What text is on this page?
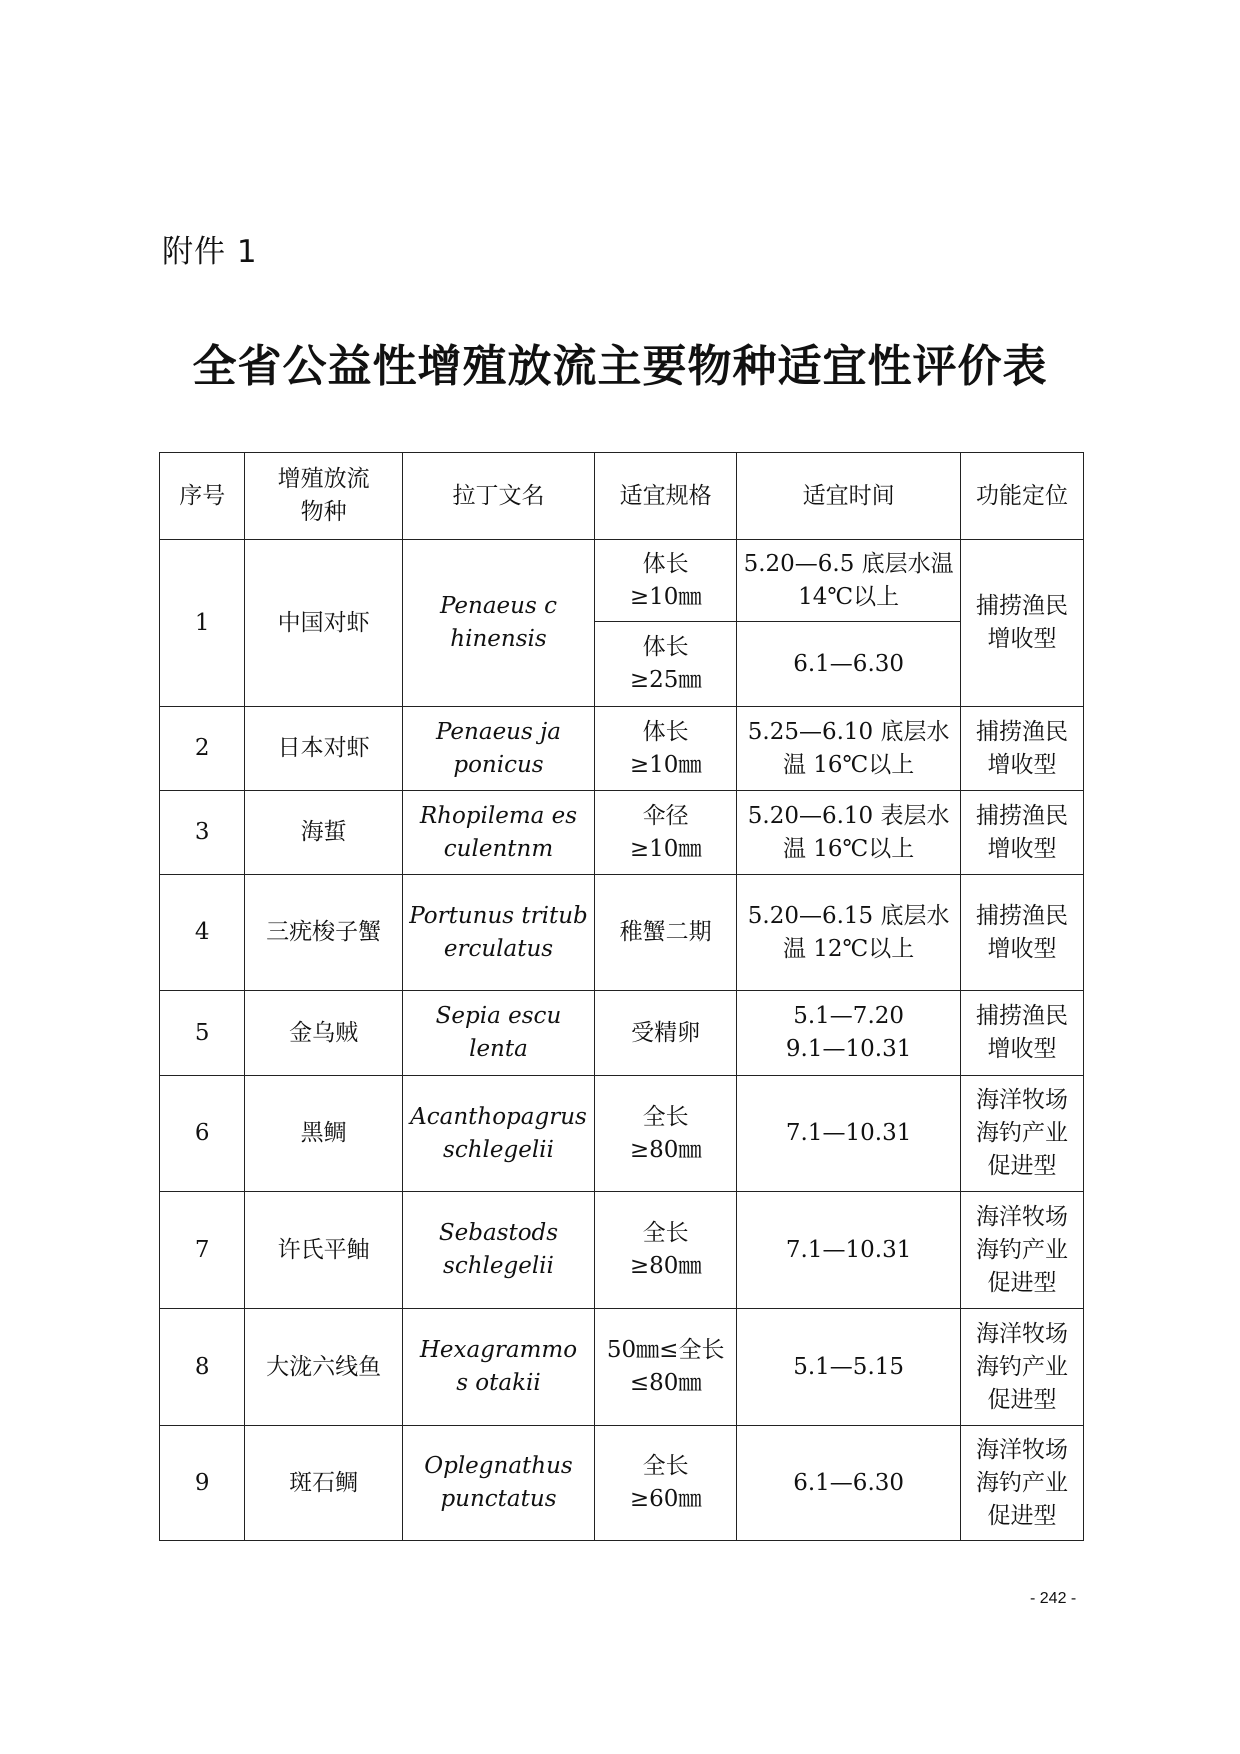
附件 1
全省公益性增殖放流主要物种适宜性评价表
序号	增殖放流物种	拉丁文名	适宜规格	适宜时间	功能定位
1	中国对虾	Penaeus chinensis	体长≥10㎜	5.20—6.5 底层水温 14℃以上	捕捞渔民增收型
			体长≥25㎜	6.1—6.30	
2	日本对虾	Penaeus japonicus	体长≥10㎜	5.25—6.10 底层水温 16℃以上	捕捞渔民增收型
3	海蜇	Rhopilema esculentnm	伞径≥10㎜	5.20—6.10 表层水温 16℃以上	捕捞渔民增收型
4	三疣梭子蟹	Portunus trituberculatus	稚蟹二期	5.20—6.15 底层水温 12℃以上	捕捞渔民增收型
5	金乌贼	Sepia esculenta	受精卵	5.1—7.20 9.1—10.31	捕捞渔民增收型
6	黑鲷	Acanthopagrus schlegelii	全长≥80㎜	7.1—10.31	海洋牧场海钓产业促进型
7	许氏平鲉	Sebastods schlegelii	全长≥80㎜	7.1—10.31	海洋牧场海钓产业促进型
8	大泷六线鱼	Hexagrammos otakii	50㎜≤全长≤80㎜	5.1—5.15	海洋牧场海钓产业促进型
9	斑石鲷	Oplegnathus punctatus	全长≥60㎜	6.1—6.30	海洋牧场海钓产业促进型
- 242 -
